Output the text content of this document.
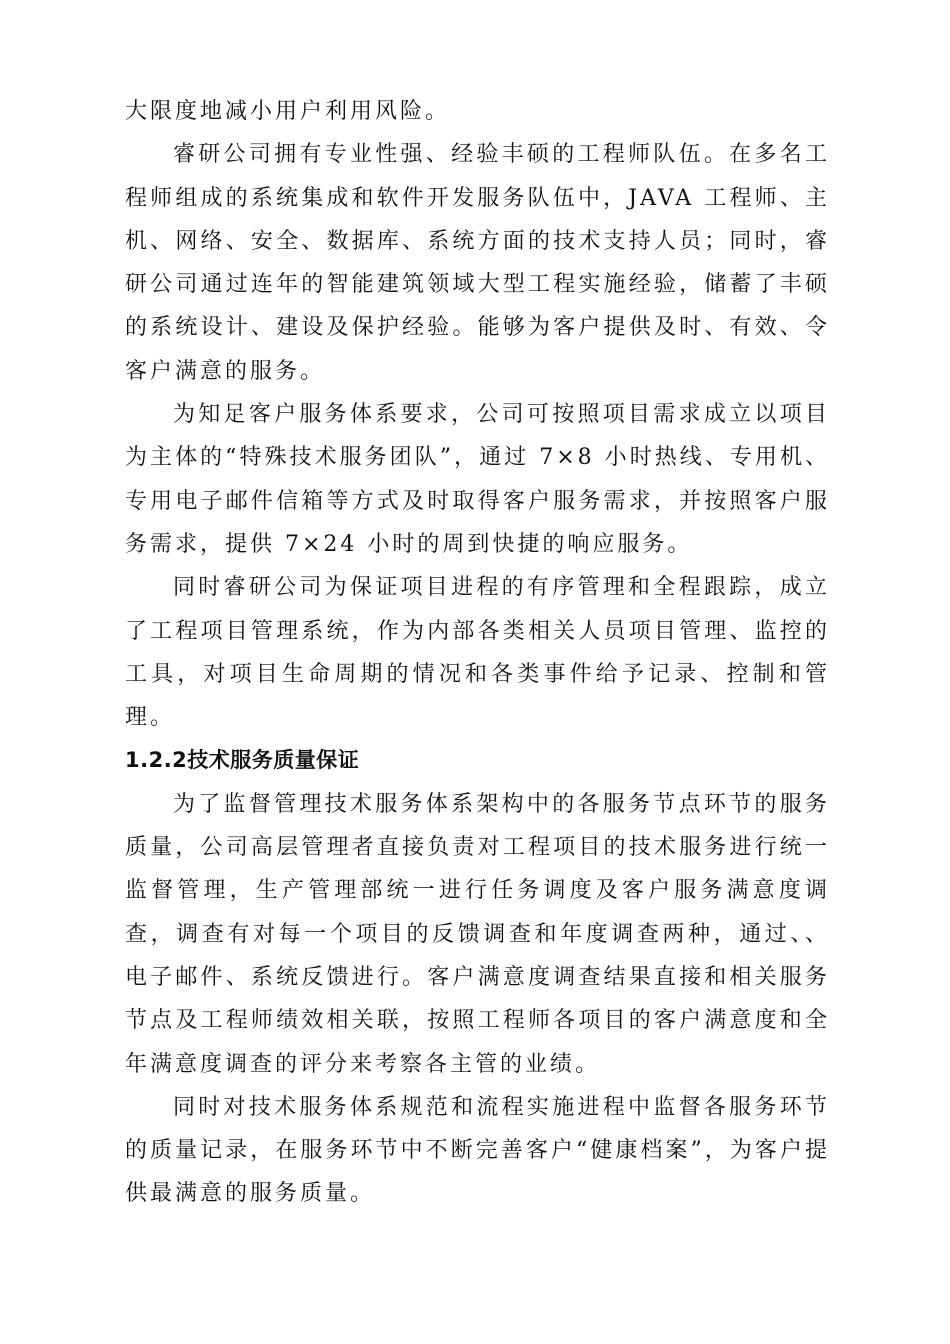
大限度地减小用户利用风险。

睿研公司拥有专业性强、经验丰硕的工程师队伍。在多名工程师组成的系统集成和软件开发服务队伍中，JAVA 工程师、主机、网络、安全、数据库、系统方面的技术支持人员；同时，睿研公司通过连年的智能建筑领域大型工程实施经验，储蓄了丰硕的系统设计、建设及保护经验。能够为客户提供及时、有效、令客户满意的服务。

为知足客户服务体系要求，公司可按照项目需求成立以项目为主体的“特殊技术服务团队”，通过 7×8 小时热线、专用机、专用电子邮件信箱等方式及时取得客户服务需求，并按照客户服务需求，提供 7×24 小时的周到快捷的响应服务。

同时睿研公司为保证项目进程的有序管理和全程跟踪，成立了工程项目管理系统，作为内部各类相关人员项目管理、监控的工具，对项目生命周期的情况和各类事件给予记录、控制和管理。

1.2.2技术服务质量保证

为了监督管理技术服务体系架构中的各服务节点环节的服务质量，公司高层管理者直接负责对工程项目的技术服务进行统一监督管理，生产管理部统一进行任务调度及客户服务满意度调查，调查有对每一个项目的反馈调查和年度调查两种，通过、、电子邮件、系统反馈进行。客户满意度调查结果直接和相关服务节点及工程师绩效相关联，按照工程师各项目的客户满意度和全年满意度调查的评分来考察各主管的业绩。

同时对技术服务体系规范和流程实施进程中监督各服务环节的质量记录，在服务环节中不断完善客户“健康档案”，为客户提供最满意的服务质量。
